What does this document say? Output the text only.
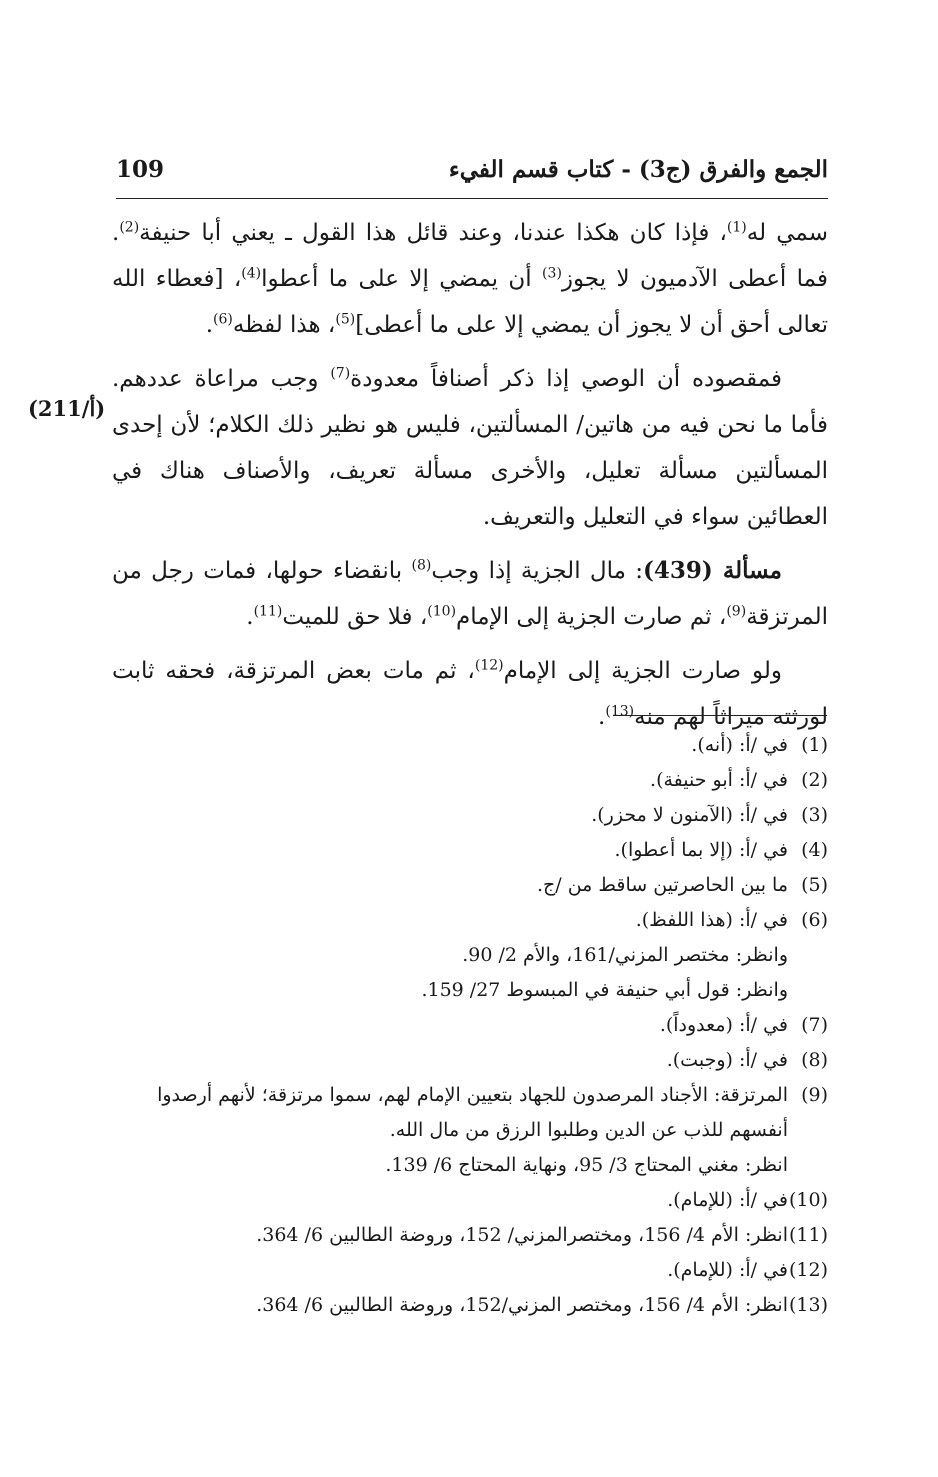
الجمع والفرق (ج3) - كتاب قسم الفيء
109

سمي له$^{(1)}$، فإذا كان هكذا عندنا، وعند قائل هذا القول ـ يعني أبا حنيفة$^{(2)}$. فما أعطى الآدميون لا يجوز$^{(3)}$ أن يمضي إلا على ما أعطوا$^{(4)}$، [فعطاء الله تعالى أحق أن لا يجوز أن يمضي إلا على ما أعطى]$^{(5)}$، هذا لفظه$^{(6)}$.

فمقصوده أن الوصي إذا ذكر أصنافاً معدودة$^{(7)}$ وجب مراعاة عددهم. فأما ما نحن فيه من هاتين/ المسألتين، فليس هو نظير ذلك الكلام؛ لأن إحدى المسألتين مسألة تعليل، والأخرى مسألة تعريف، والأصناف هناك في العطائين سواء في التعليل والتعريف.

مسألة (439): مال الجزية إذا وجب$^{(8)}$ بانقضاء حولها، فمات رجل من المرتزقة$^{(9)}$، ثم صارت الجزية إلى الإمام$^{(10)}$، فلا حق للميت$^{(11)}$.

ولو صارت الجزية إلى الإمام$^{(12)}$، ثم مات بعض المرتزقة، فحقه ثابت لورثته ميراثاً لهم منه$^{(13)}$.

(211/أ)
(1)
في /أ: (أنه).
(2)
في /أ: أبو حنيفة).
(3)
في /أ: (الآمنون لا محزر).
(4)
في /أ: (إلا بما أعطوا).
(5)
ما بين الحاصرتين ساقط من /ج.
(6)
في /أ: (هذا اللفظ).
وانظر: مختصر المزني/161، والأم 2/ 90.
وانظر: قول أبي حنيفة في المبسوط 27/ 159.
(7)
في /أ: (معدوداً).
(8)
في /أ: (وجبت).
(9)
المرتزقة: الأجناد المرصدون للجهاد بتعيين الإمام لهم، سموا مرتزقة؛ لأنهم أرصدوا أنفسهم للذب عن الدين وطلبوا الرزق من مال الله.
انظر: مغني المحتاج 3/ 95، ونهاية المحتاج 6/ 139.
(10)
في /أ: (للإمام).
(11)
انظر: الأم 4/ 156، ومختصرالمزني/ 152، وروضة الطالبين 6/ 364.
(12)
في /أ: (للإمام).
(13)
انظر: الأم 4/ 156، ومختصر المزني/152، وروضة الطالبين 6/ 364.
